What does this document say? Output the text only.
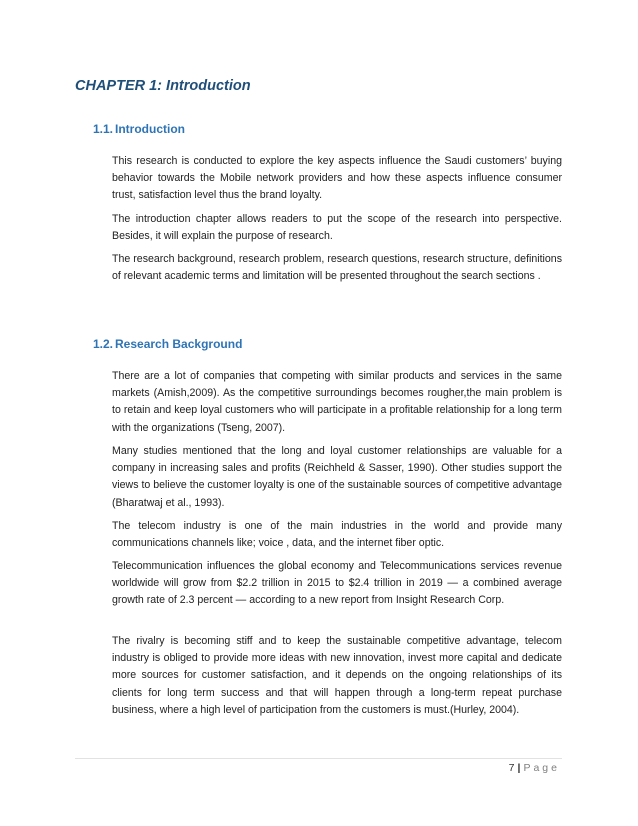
CHAPTER 1: Introduction
1.1. Introduction

This research is conducted to explore the key aspects influence the Saudi customers’ buying behavior towards the Mobile network providers and how these aspects influence consumer trust, satisfaction level thus the brand loyalty.

The introduction chapter allows readers to put the scope of the research into perspective. Besides, it will explain the purpose of research.

The research background, research problem, research questions, research structure, definitions of relevant academic terms and limitation will be presented throughout the search sections .

1.2. Research Background

There are a lot of companies that competing with similar products and services in the same markets (Amish,2009). As the competitive surroundings becomes rougher,the main problem is to retain and keep loyal customers who will participate in a profitable relationship for a long term with the organizations (Tseng, 2007).

Many studies mentioned that the long and loyal customer relationships are valuable for a company in increasing sales and profits (Reichheld & Sasser, 1990). Other studies support the views to believe the customer loyalty is one of the sustainable sources of competitive advantage (Bharatwaj et al., 1993).

The telecom industry is one of the main industries in the world and provide many communications channels like; voice , data, and the internet fiber optic.

Telecommunication influences the global economy and Telecommunications services revenue worldwide will grow from $2.2 trillion in 2015 to $2.4 trillion in 2019 — a combined average growth rate of 2.3 percent — according to a new report from Insight Research Corp.

The rivalry is becoming stiff and to keep the sustainable competitive advantage, telecom industry is obliged to provide more ideas with new innovation, invest more capital and dedicate more sources for customer satisfaction, and it depends on the ongoing relationships of its clients for long term success and that will happen through a long-term repeat purchase business, where a high level of participation from the customers is must.(Hurley, 2004).

7 | Page
